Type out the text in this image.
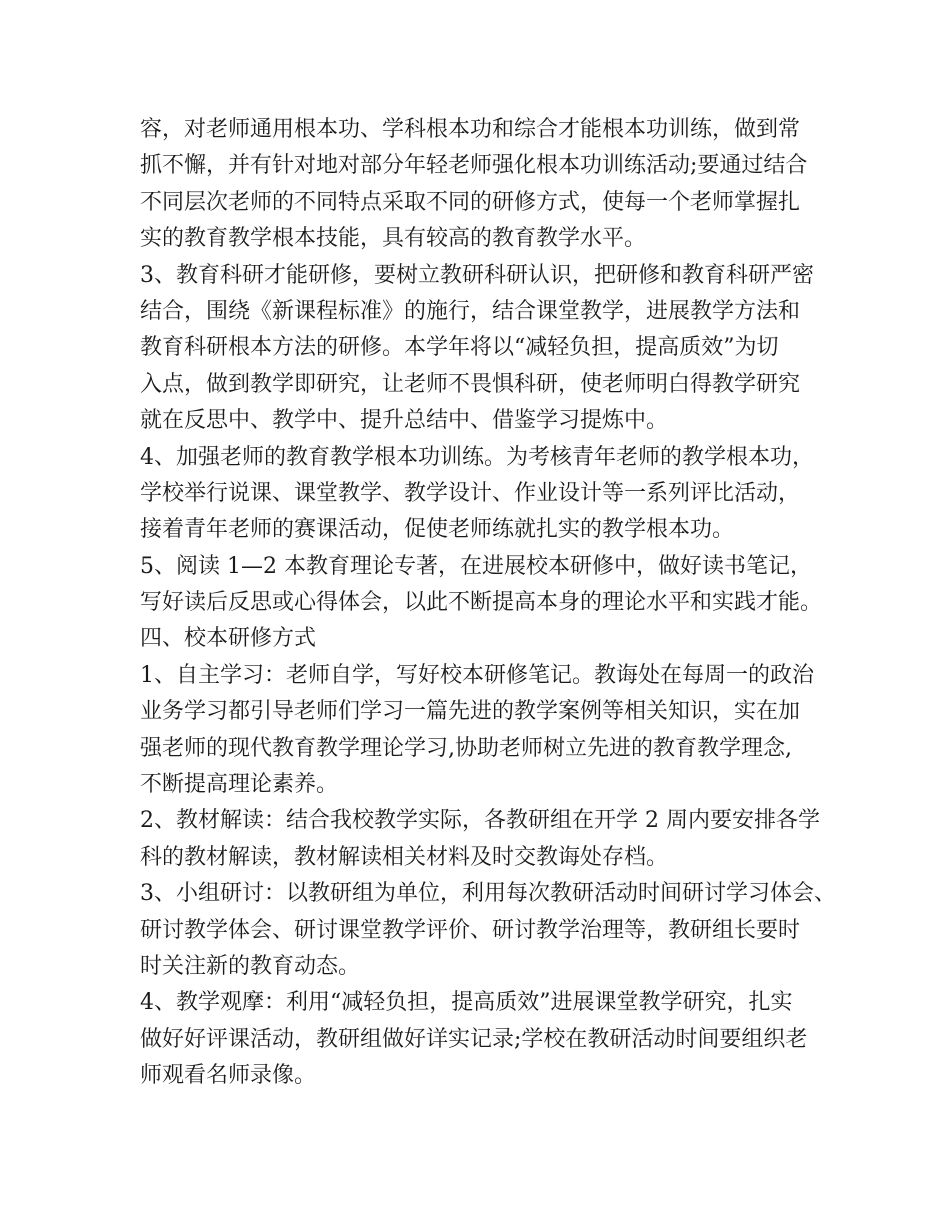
容，对老师通用根本功、学科根本功和综合才能根本功训练，做到常
抓不懈，并有针对地对部分年轻老师强化根本功训练活动;要通过结合
不同层次老师的不同特点采取不同的研修方式，使每一个老师掌握扎
实的教育教学根本技能，具有较高的教育教学水平。
3、教育科研才能研修，要树立教研科研认识，把研修和教育科研严密
结合，围绕《新课程标准》的施行，结合课堂教学，进展教学方法和
教育科研根本方法的研修。本学年将以“减轻负担，提高质效”为切
入点，做到教学即研究，让老师不畏惧科研，使老师明白得教学研究
就在反思中、教学中、提升总结中、借鉴学习提炼中。
4、加强老师的教育教学根本功训练。为考核青年老师的教学根本功，
学校举行说课、课堂教学、教学设计、作业设计等一系列评比活动，
接着青年老师的赛课活动，促使老师练就扎实的教学根本功。
5、阅读 1—2 本教育理论专著，在进展校本研修中，做好读书笔记，
写好读后反思或心得体会，以此不断提高本身的理论水平和实践才能。
四、校本研修方式
1、自主学习：老师自学，写好校本研修笔记。教诲处在每周一的政治
业务学习都引导老师们学习一篇先进的教学案例等相关知识，实在加
强老师的现代教育教学理论学习,协助老师树立先进的教育教学理念,
不断提高理论素养。
2、教材解读：结合我校教学实际，各教研组在开学 2 周内要安排各学
科的教材解读，教材解读相关材料及时交教诲处存档。
3、小组研讨：以教研组为单位，利用每次教研活动时间研讨学习体会、
研讨教学体会、研讨课堂教学评价、研讨教学治理等，教研组长要时
时关注新的教育动态。
4、教学观摩：利用“减轻负担，提高质效”进展课堂教学研究，扎实
做好好评课活动，教研组做好详实记录;学校在教研活动时间要组织老
师观看名师录像。
